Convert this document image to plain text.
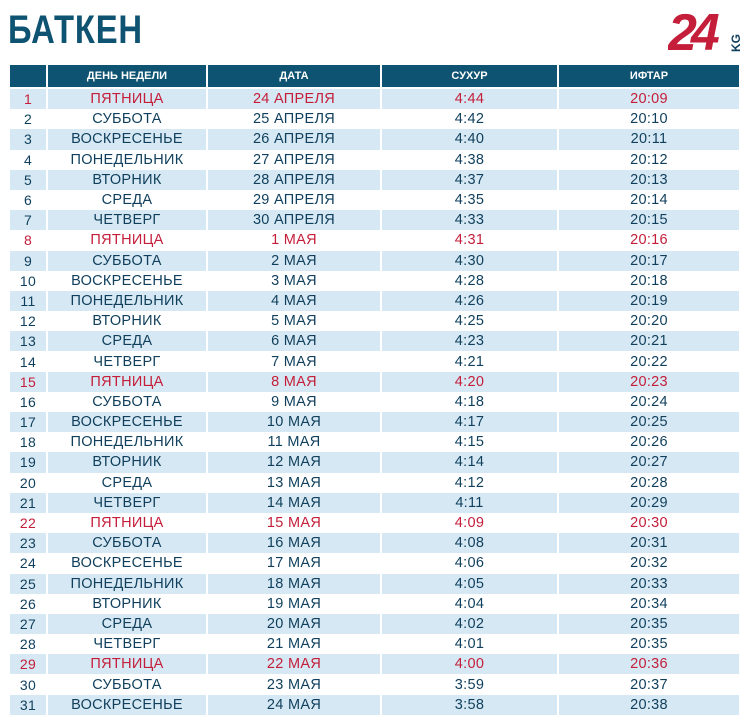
БАТКЕН	24	KG
	ДЕНЬ НЕДЕЛИ	ДАТА	СУХУР	ИФТАР
1	ПЯТНИЦА	24 АПРЕЛЯ	4:44	20:09
2	СУББОТА	25 АПРЕЛЯ	4:42	20:10
3	ВОСКРЕСЕНЬЕ	26 АПРЕЛЯ	4:40	20:11
4	ПОНЕДЕЛЬНИК	27 АПРЕЛЯ	4:38	20:12
5	ВТОРНИК	28 АПРЕЛЯ	4:37	20:13
6	СРЕДА	29 АПРЕЛЯ	4:35	20:14
7	ЧЕТВЕРГ	30 АПРЕЛЯ	4:33	20:15
8	ПЯТНИЦА	1 МАЯ	4:31	20:16
9	СУББОТА	2 МАЯ	4:30	20:17
10	ВОСКРЕСЕНЬЕ	3 МАЯ	4:28	20:18
11	ПОНЕДЕЛЬНИК	4 МАЯ	4:26	20:19
12	ВТОРНИК	5 МАЯ	4:25	20:20
13	СРЕДА	6 МАЯ	4:23	20:21
14	ЧЕТВЕРГ	7 МАЯ	4:21	20:22
15	ПЯТНИЦА	8 МАЯ	4:20	20:23
16	СУББОТА	9 МАЯ	4:18	20:24
17	ВОСКРЕСЕНЬЕ	10 МАЯ	4:17	20:25
18	ПОНЕДЕЛЬНИК	11 МАЯ	4:15	20:26
19	ВТОРНИК	12 МАЯ	4:14	20:27
20	СРЕДА	13 МАЯ	4:12	20:28
21	ЧЕТВЕРГ	14 МАЯ	4:11	20:29
22	ПЯТНИЦА	15 МАЯ	4:09	20:30
23	СУББОТА	16 МАЯ	4:08	20:31
24	ВОСКРЕСЕНЬЕ	17 МАЯ	4:06	20:32
25	ПОНЕДЕЛЬНИК	18 МАЯ	4:05	20:33
26	ВТОРНИК	19 МАЯ	4:04	20:34
27	СРЕДА	20 МАЯ	4:02	20:35
28	ЧЕТВЕРГ	21 МАЯ	4:01	20:35
29	ПЯТНИЦА	22 МАЯ	4:00	20:36
30	СУББОТА	23 МАЯ	3:59	20:37
31	ВОСКРЕСЕНЬЕ	24 МАЯ	3:58	20:38
